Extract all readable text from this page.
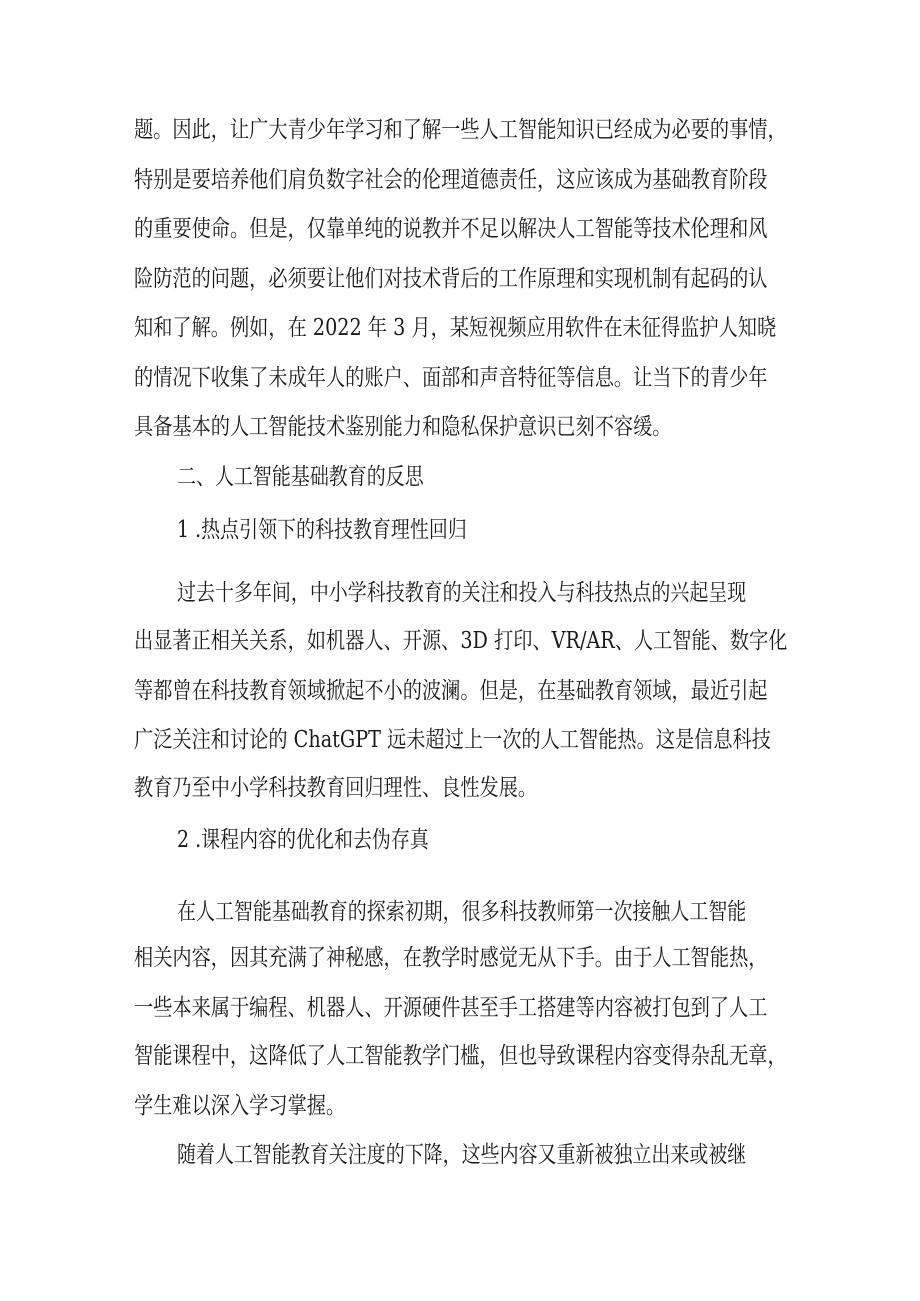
题。因此，让广大青少年学习和了解一些人工智能知识已经成为必要的事情，
特别是要培养他们肩负数字社会的伦理道德责任，这应该成为基础教育阶段
的重要使命。但是，仅靠单纯的说教并不足以解决人工智能等技术伦理和风
险防范的问题，必须要让他们对技术背后的工作原理和实现机制有起码的认
知和了解。例如，在 2022 年 3 月，某短视频应用软件在未征得监护人知晓
的情况下收集了未成年人的账户、面部和声音特征等信息。让当下的青少年
具备基本的人工智能技术鉴别能力和隐私保护意识已刻不容缓。
二、人工智能基础教育的反思
1 .热点引领下的科技教育理性回归
过去十多年间，中小学科技教育的关注和投入与科技热点的兴起呈现
出显著正相关关系，如机器人、开源、3D 打印、VR/AR、人工智能、数字化
等都曾在科技教育领域掀起不小的波澜。但是，在基础教育领域，最近引起
广泛关注和讨论的 ChatGPT 远未超过上一次的人工智能热。这是信息科技
教育乃至中小学科技教育回归理性、良性发展。
2 .课程内容的优化和去伪存真
在人工智能基础教育的探索初期，很多科技教师第一次接触人工智能
相关内容，因其充满了神秘感，在教学时感觉无从下手。由于人工智能热，
一些本来属于编程、机器人、开源硬件甚至手工搭建等内容被打包到了人工
智能课程中，这降低了人工智能教学门槛，但也导致课程内容变得杂乱无章，
学生难以深入学习掌握。
随着人工智能教育关注度的下降，这些内容又重新被独立出来或被继
